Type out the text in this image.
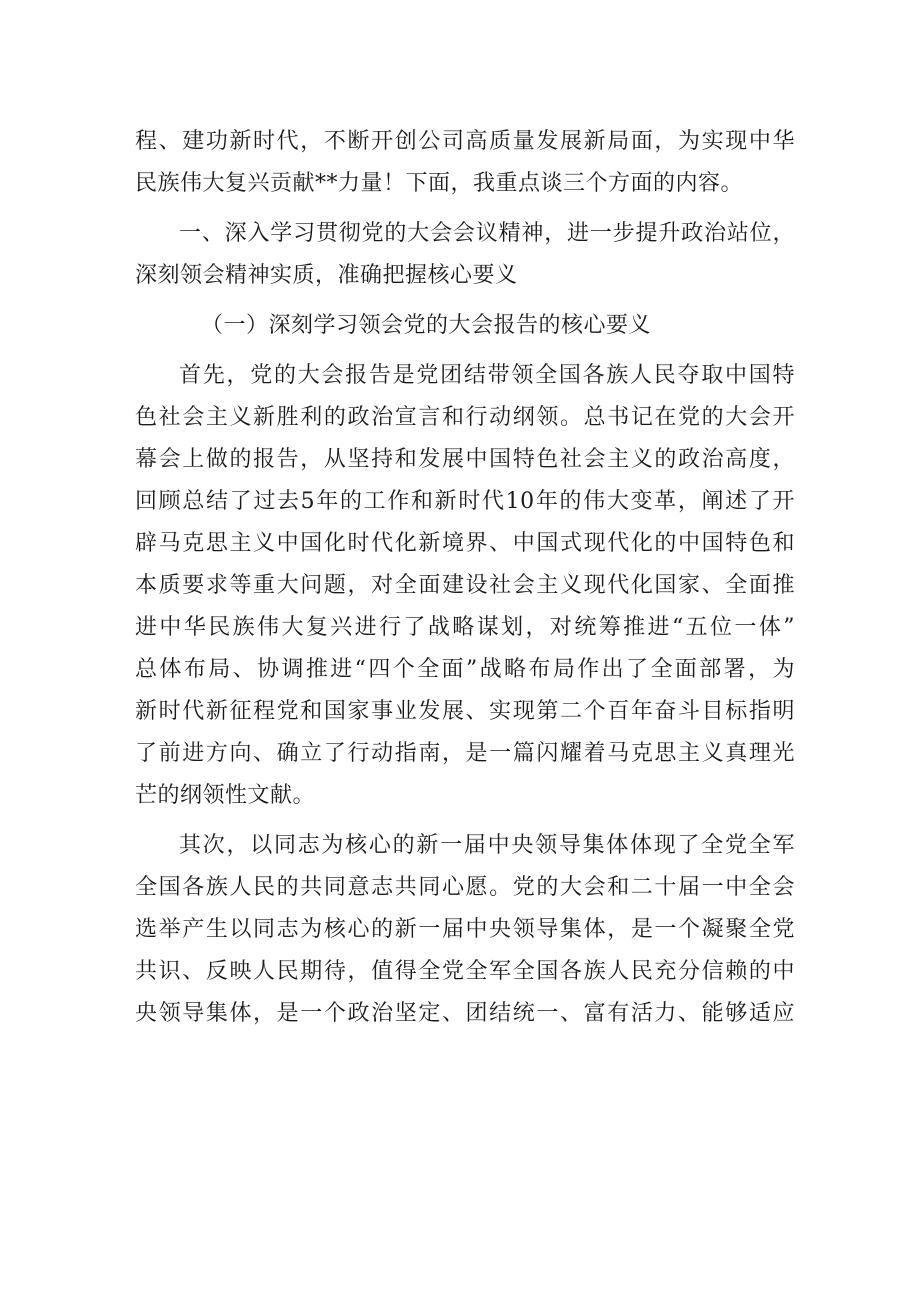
程、建功新时代，不断开创公司高质量发展新局面，为实现中华
民族伟大复兴贡献**力量！下面，我重点谈三个方面的内容。
一、深入学习贯彻党的大会会议精神，进一步提升政治站位，
深刻领会精神实质，准确把握核心要义
（一）深刻学习领会党的大会报告的核心要义
首先，党的大会报告是党团结带领全国各族人民夺取中国特
色社会主义新胜利的政治宣言和行动纲领。总书记在党的大会开
幕会上做的报告，从坚持和发展中国特色社会主义的政治高度，
回顾总结了过去5年的工作和新时代10年的伟大变革，阐述了开
辟马克思主义中国化时代化新境界、中国式现代化的中国特色和
本质要求等重大问题，对全面建设社会主义现代化国家、全面推
进中华民族伟大复兴进行了战略谋划，对统筹推进“五位一体”
总体布局、协调推进“四个全面”战略布局作出了全面部署，为
新时代新征程党和国家事业发展、实现第二个百年奋斗目标指明
了前进方向、确立了行动指南，是一篇闪耀着马克思主义真理光
芒的纲领性文献。
其次，以同志为核心的新一届中央领导集体体现了全党全军
全国各族人民的共同意志共同心愿。党的大会和二十届一中全会
选举产生以同志为核心的新一届中央领导集体，是一个凝聚全党
共识、反映人民期待，值得全党全军全国各族人民充分信赖的中
央领导集体，是一个政治坚定、团结统一、富有活力、能够适应
